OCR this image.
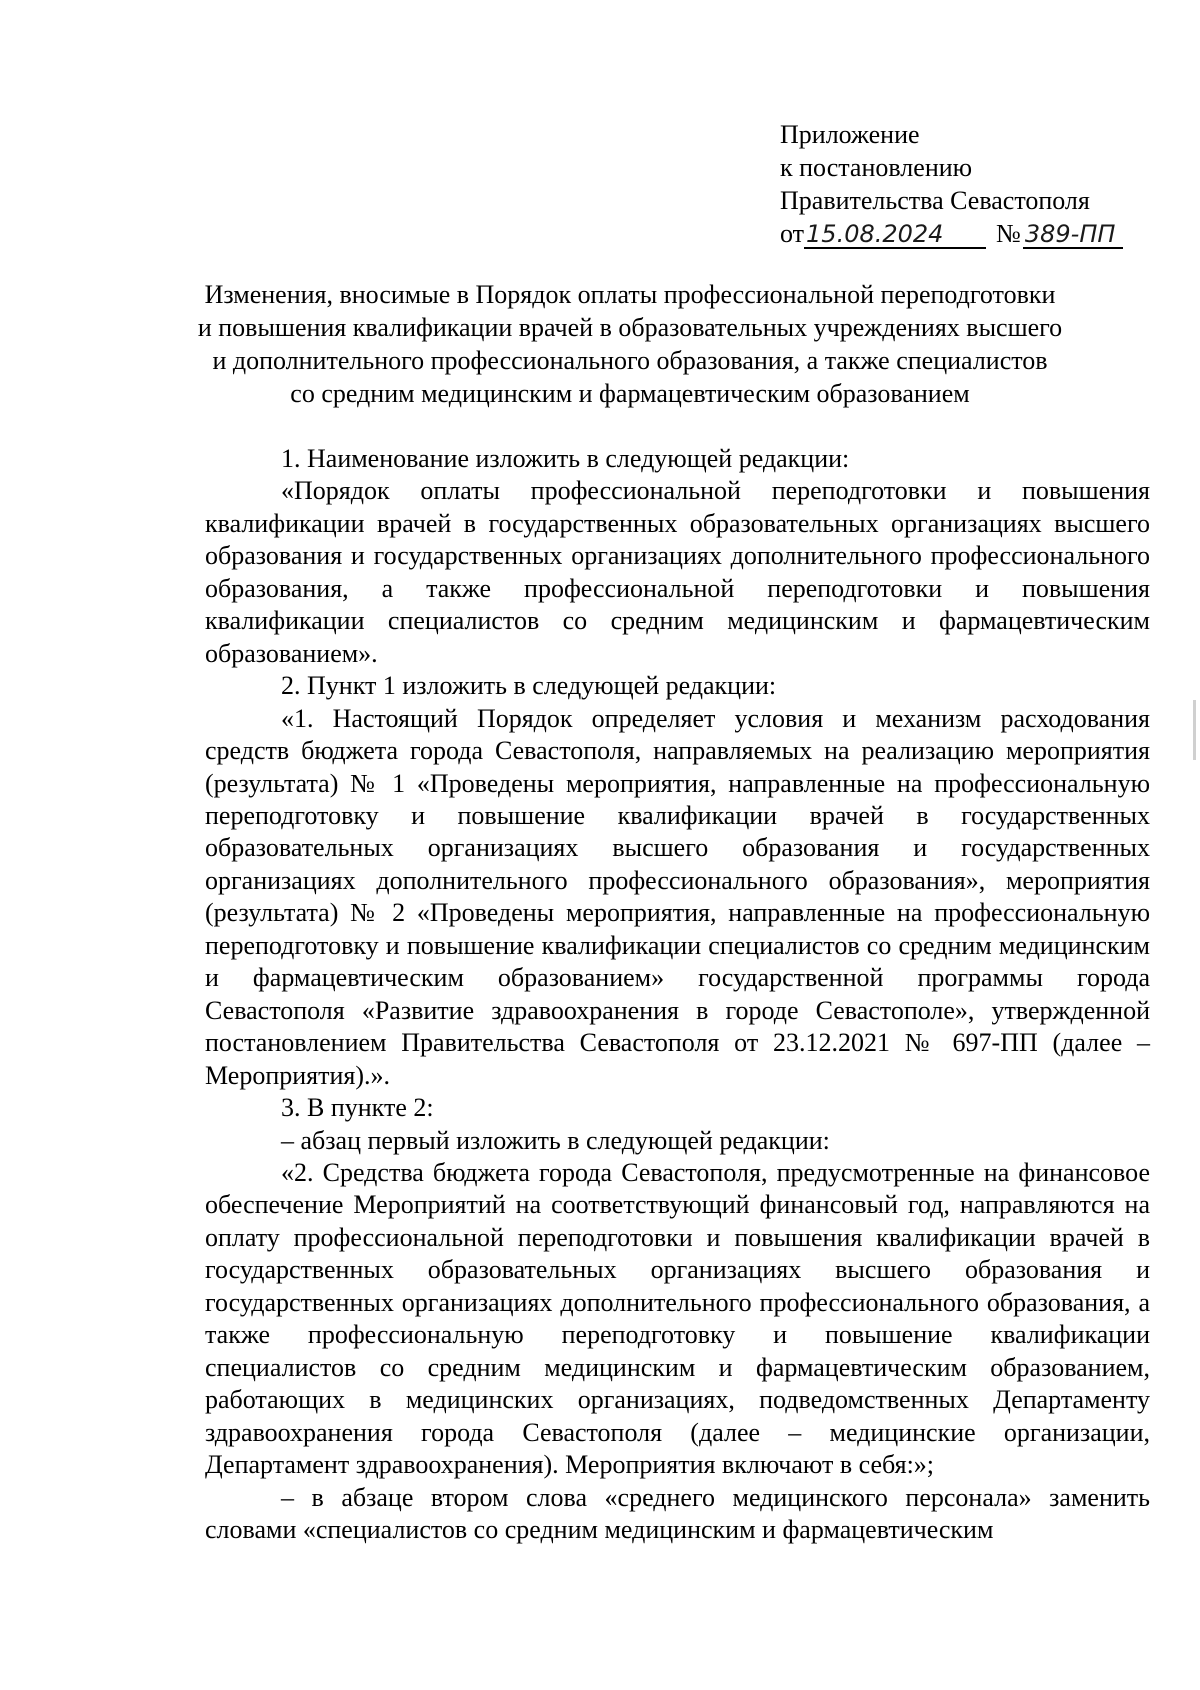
Приложение
к постановлению
Правительства Севастополя
от 15.08.2024	№ 389-ПП
Изменения, вносимые в Порядок оплаты профессиональной переподготовки
и повышения квалификации врачей в образовательных учреждениях высшего
и дополнительного профессионального образования, а также специалистов
со средним медицинским и фармацевтическим образованием

1. Наименование изложить в следующей редакции:

«Порядок оплаты профессиональной переподготовки и повышения квалификации врачей в государственных образовательных организациях высшего образования и государственных организациях дополнительного профессионального образования, а также профессиональной переподготовки и повышения квалификации специалистов со средним медицинским и фармацевтическим образованием».

2. Пункт 1 изложить в следующей редакции:

«1. Настоящий Порядок определяет условия и механизм расходования средств бюджета города Севастополя, направляемых на реализацию мероприятия (результата) № 1 «Проведены мероприятия, направленные на профессиональную переподготовку и повышение квалификации врачей в государственных образовательных организациях высшего образования и государственных организациях дополнительного профессионального образования», мероприятия (результата) № 2 «Проведены мероприятия, направленные на профессиональную переподготовку и повышение квалификации специалистов со средним медицинским и фармацевтическим образованием» государственной программы города Севастополя «Развитие здравоохранения в городе Севастополе», утвержденной постановлением Правительства Севастополя от 23.12.2021 № 697-ПП (далее – Мероприятия).».

3. В пункте 2:

– абзац первый изложить в следующей редакции:

«2. Средства бюджета города Севастополя, предусмотренные на финансовое обеспечение Мероприятий на соответствующий финансовый год, направляются на оплату профессиональной переподготовки и повышения квалификации врачей в государственных образовательных организациях высшего образования и государственных организациях дополнительного профессионального образования, а также профессиональную переподготовку и повышение квалификации специалистов со средним медицинским и фармацевтическим образованием, работающих в медицинских организациях, подведомственных Департаменту здравоохранения города Севастополя (далее – медицинские организации, Департамент здравоохранения). Мероприятия включают в себя:»;

– в абзаце втором слова «среднего медицинского персонала» заменить словами «специалистов со средним медицинским и фармацевтическим
